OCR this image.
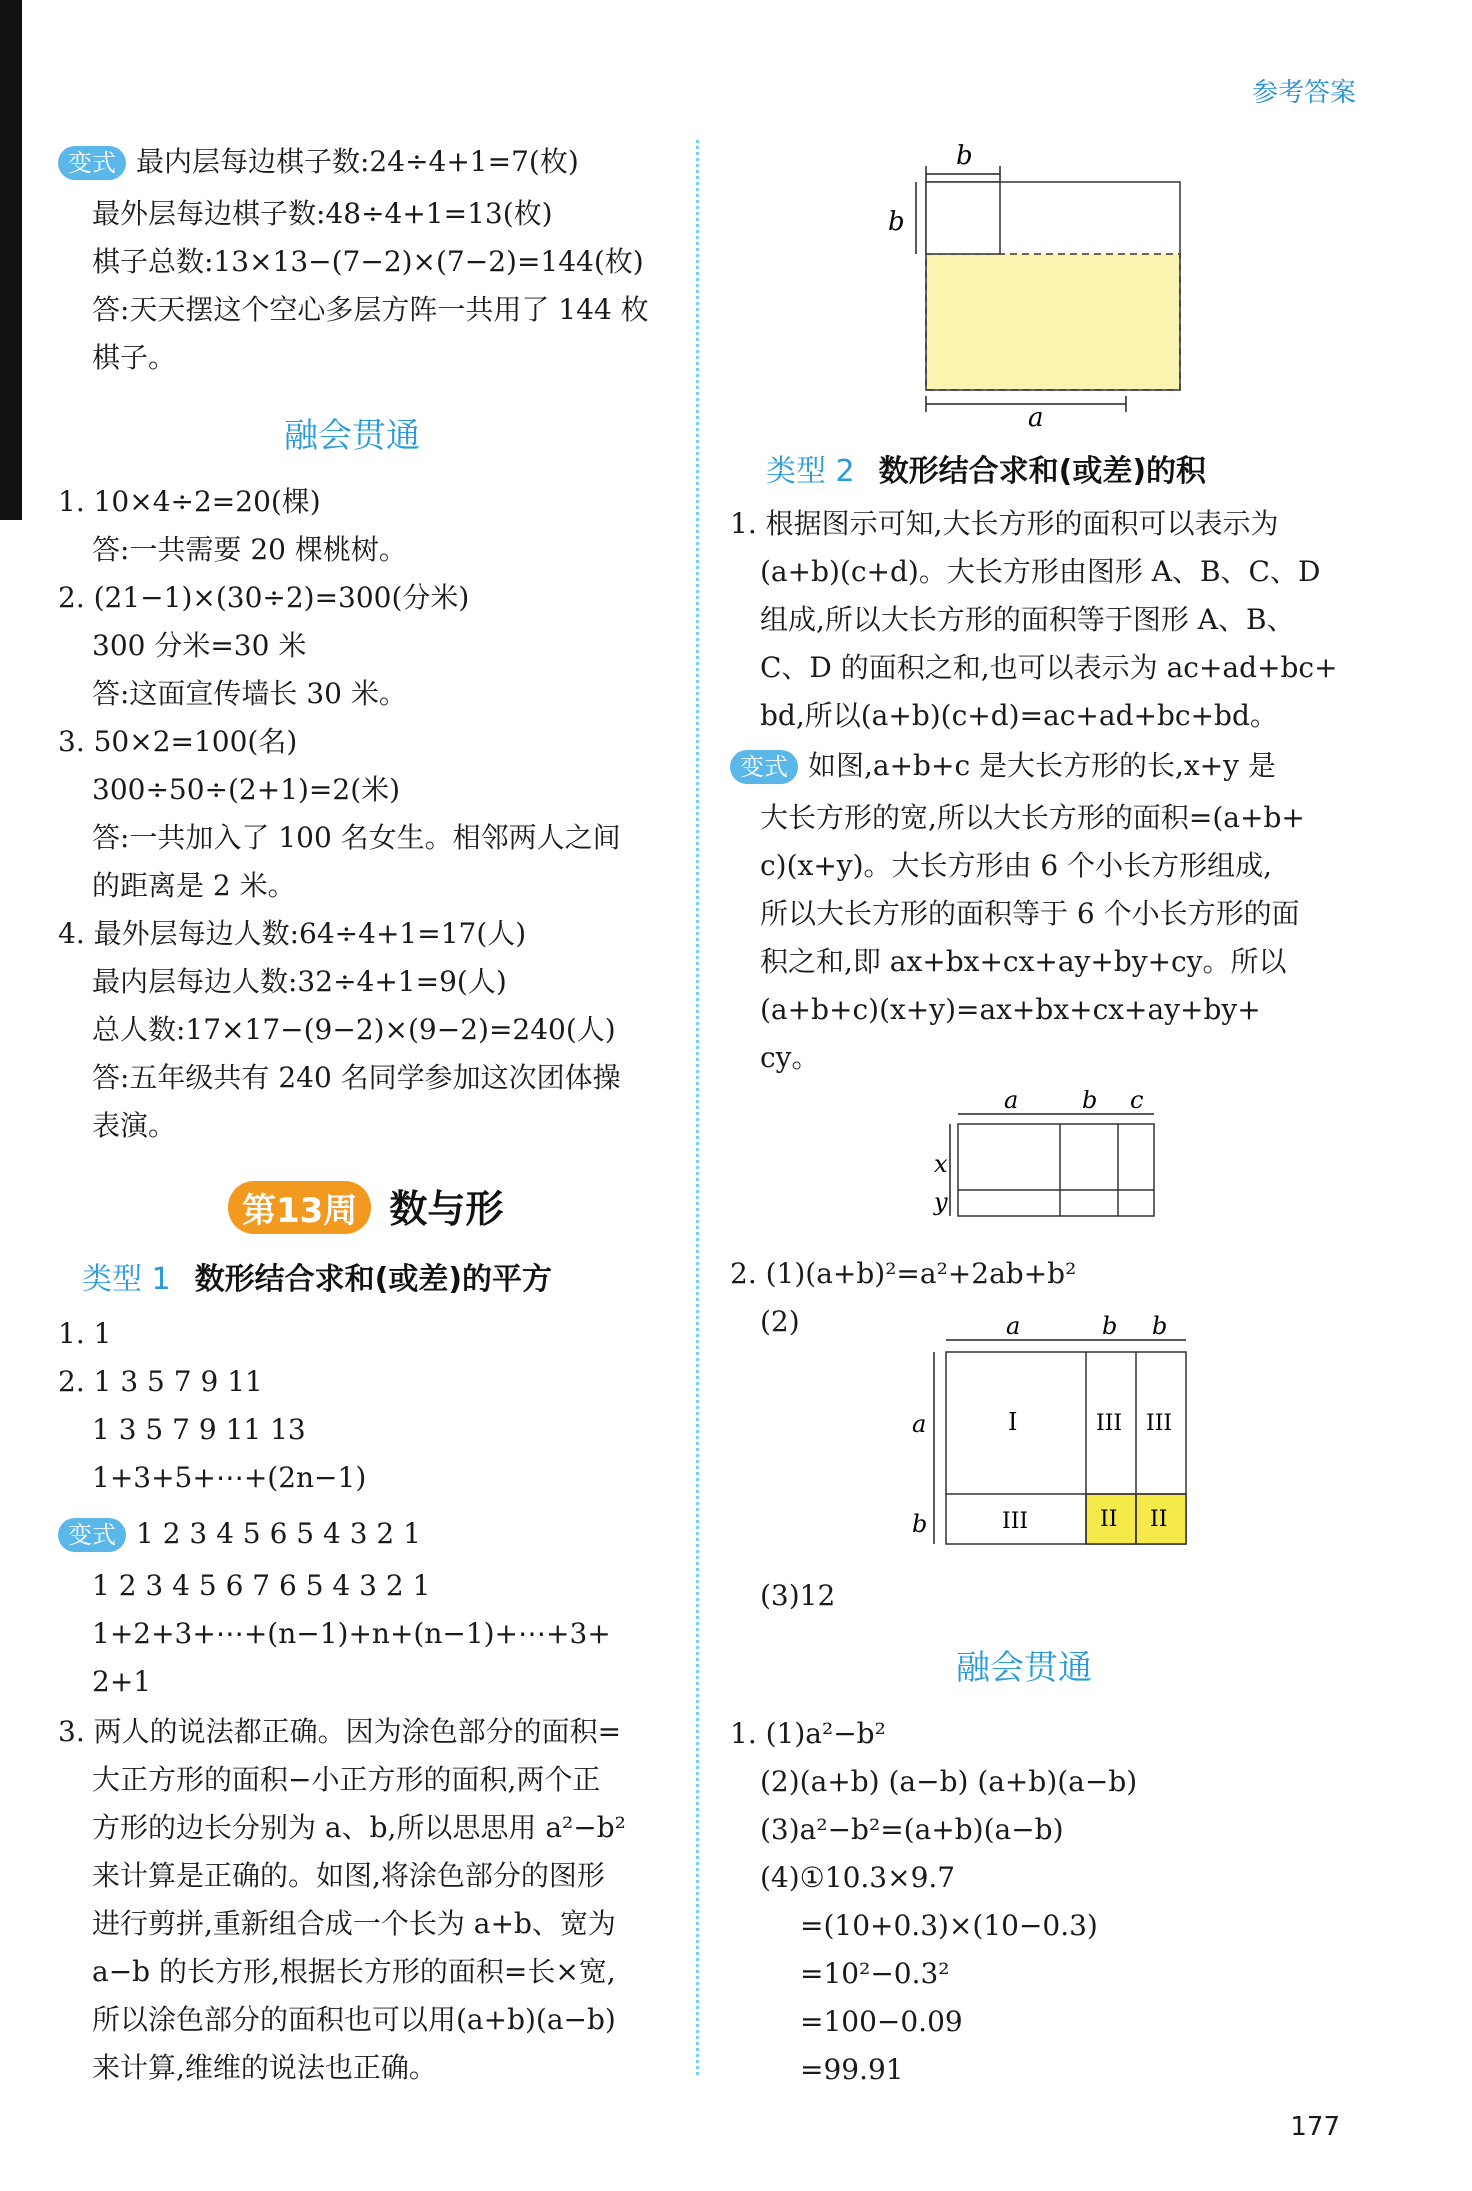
参考答案
变式 最内层每边棋子数:24÷4+1=7(枚)
最外层每边棋子数:48÷4+1=13(枚)
棋子总数:13×13−(7−2)×(7−2)=144(枚)
答:天天摆这个空心多层方阵一共用了 144 枚
棋子。
融会贯通
1. 10×4÷2=20(棵)
答:一共需要 20 棵桃树。
2. (21−1)×(30÷2)=300(分米)
300 分米=30 米
答:这面宣传墙长 30 米。
3. 50×2=100(名)
300÷50÷(2+1)=2(米)
答:一共加入了 100 名女生。相邻两人之间
的距离是 2 米。
4. 最外层每边人数:64÷4+1=17(人)
最内层每边人数:32÷4+1=9(人)
总人数:17×17−(9−2)×(9−2)=240(人)
答:五年级共有 240 名同学参加这次团体操
表演。
第13周 数与形
类型 1 数形结合求和(或差)的平方
1. 1
2. 1 3 5 7 9 11
1 3 5 7 9 11 13
1+3+5+⋯+(2n−1)
变式 1 2 3 4 5 6 5 4 3 2 1
1 2 3 4 5 6 7 6 5 4 3 2 1
1+2+3+⋯+(n−1)+n+(n−1)+⋯+3+
2+1
3. 两人的说法都正确。因为涂色部分的面积=
大正方形的面积−小正方形的面积,两个正
方形的边长分别为 a、b,所以思思用 a²−b²
来计算是正确的。如图,将涂色部分的图形
进行剪拼,重新组合成一个长为 a+b、宽为
a−b 的长方形,根据长方形的面积=长×宽,
所以涂色部分的面积也可以用(a+b)(a−b)
来计算,维维的说法也正确。
b
b
a
类型 2 数形结合求和(或差)的积
1. 根据图示可知,大长方形的面积可以表示为
(a+b)(c+d)。大长方形由图形 A、B、C、D
组成,所以大长方形的面积等于图形 A、B、
C、D 的面积之和,也可以表示为 ac+ad+bc+
bd,所以(a+b)(c+d)=ac+ad+bc+bd。
变式 如图,a+b+c 是大长方形的长,x+y 是
大长方形的宽,所以大长方形的面积=(a+b+
c)(x+y)。大长方形由 6 个小长方形组成,
所以大长方形的面积等于 6 个小长方形的面
积之和,即 ax+bx+cx+ay+by+cy。所以
(a+b+c)(x+y)=ax+bx+cx+ay+by+
cy。
a	b c
x
y
2. (1)(a+b)²=a²+2ab+b²
(2)	a	b b
a
b
I	III III
III	II II
(3)12
融会贯通
1. (1)a²−b²
(2)(a+b) (a−b) (a+b)(a−b)
(3)a²−b²=(a+b)(a−b)
(4)①10.3×9.7
=(10+0.3)×(10−0.3)
=10²−0.3²
=100−0.09
=99.91
177
